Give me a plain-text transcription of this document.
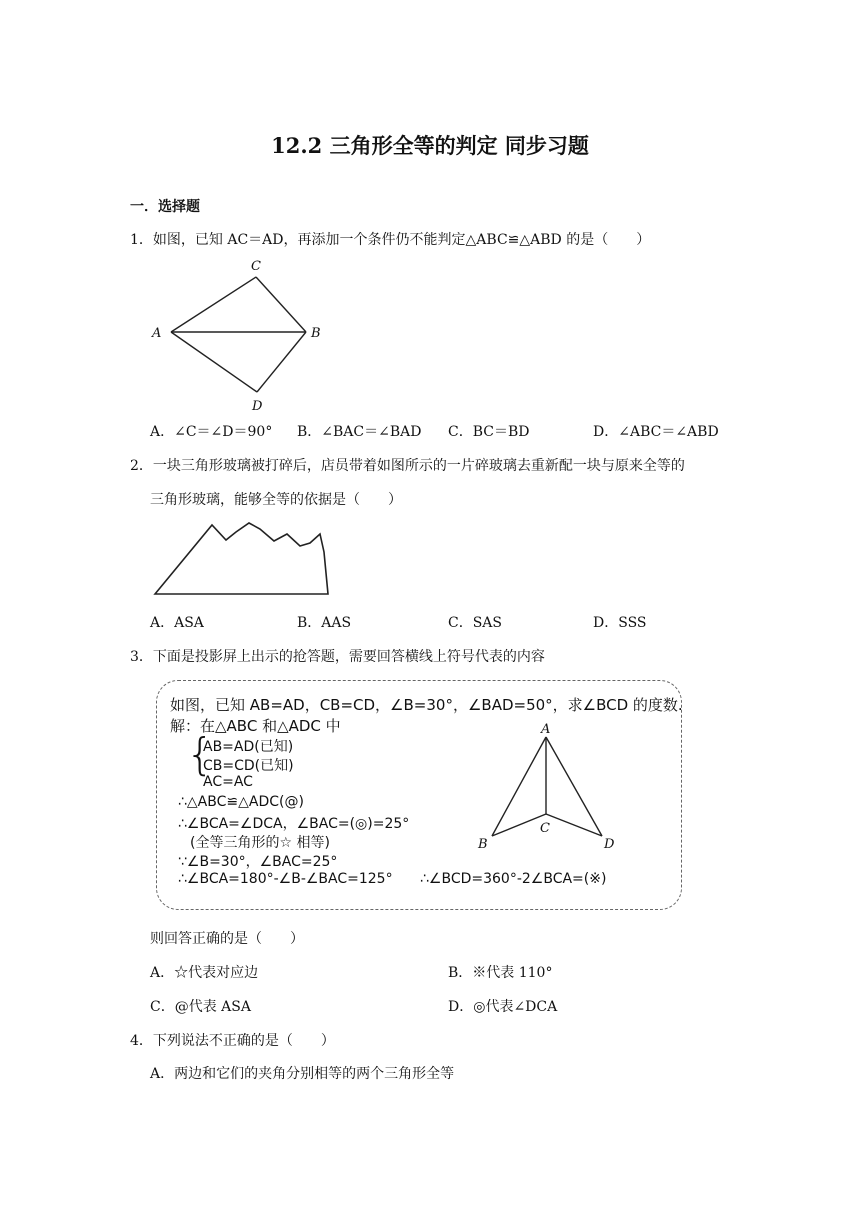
12.2 三角形全等的判定 同步习题
一．选择题
1．如图，已知 AC＝AD，再添加一个条件仍不能判定△ABC≌△ABD 的是（　　）
C
A	B
D
A．∠C＝∠D＝90° B．∠BAC＝∠BAD C．BC＝BD	D．∠ABC＝∠ABD
2．一块三角形玻璃被打碎后，店员带着如图所示的一片碎玻璃去重新配一块与原来全等的
三角形玻璃，能够全等的依据是（　　）
A．ASA	B．AAS	C．SAS	D．SSS
3．下面是投影屏上出示的抢答题，需要回答横线上符号代表的内容
如图，已知 AB=AD，CB=CD，∠B=30°，∠BAD=50°，求∠BCD 的度数.
解：在△ABC 和△ADC 中
{
AB=AD(已知)
CB=CD(已知)
AC=AC
∴△ABC≌△ADC(@)
∴∠BCA=∠DCA，∠BAC=(◎)=25°
(全等三角形的☆ 相等)
∵∠B=30°，∠BAC=25°
∴∠BCA=180°-∠B-∠BAC=125° ∴∠BCD=360°-2∠BCA=(※)
A
B
C
D
则回答正确的是（　　）
A．☆代表对应边	B．※代表 110°
C．@代表 ASA	D．◎代表∠DCA
4．下列说法不正确的是（　　）
A．两边和它们的夹角分别相等的两个三角形全等
